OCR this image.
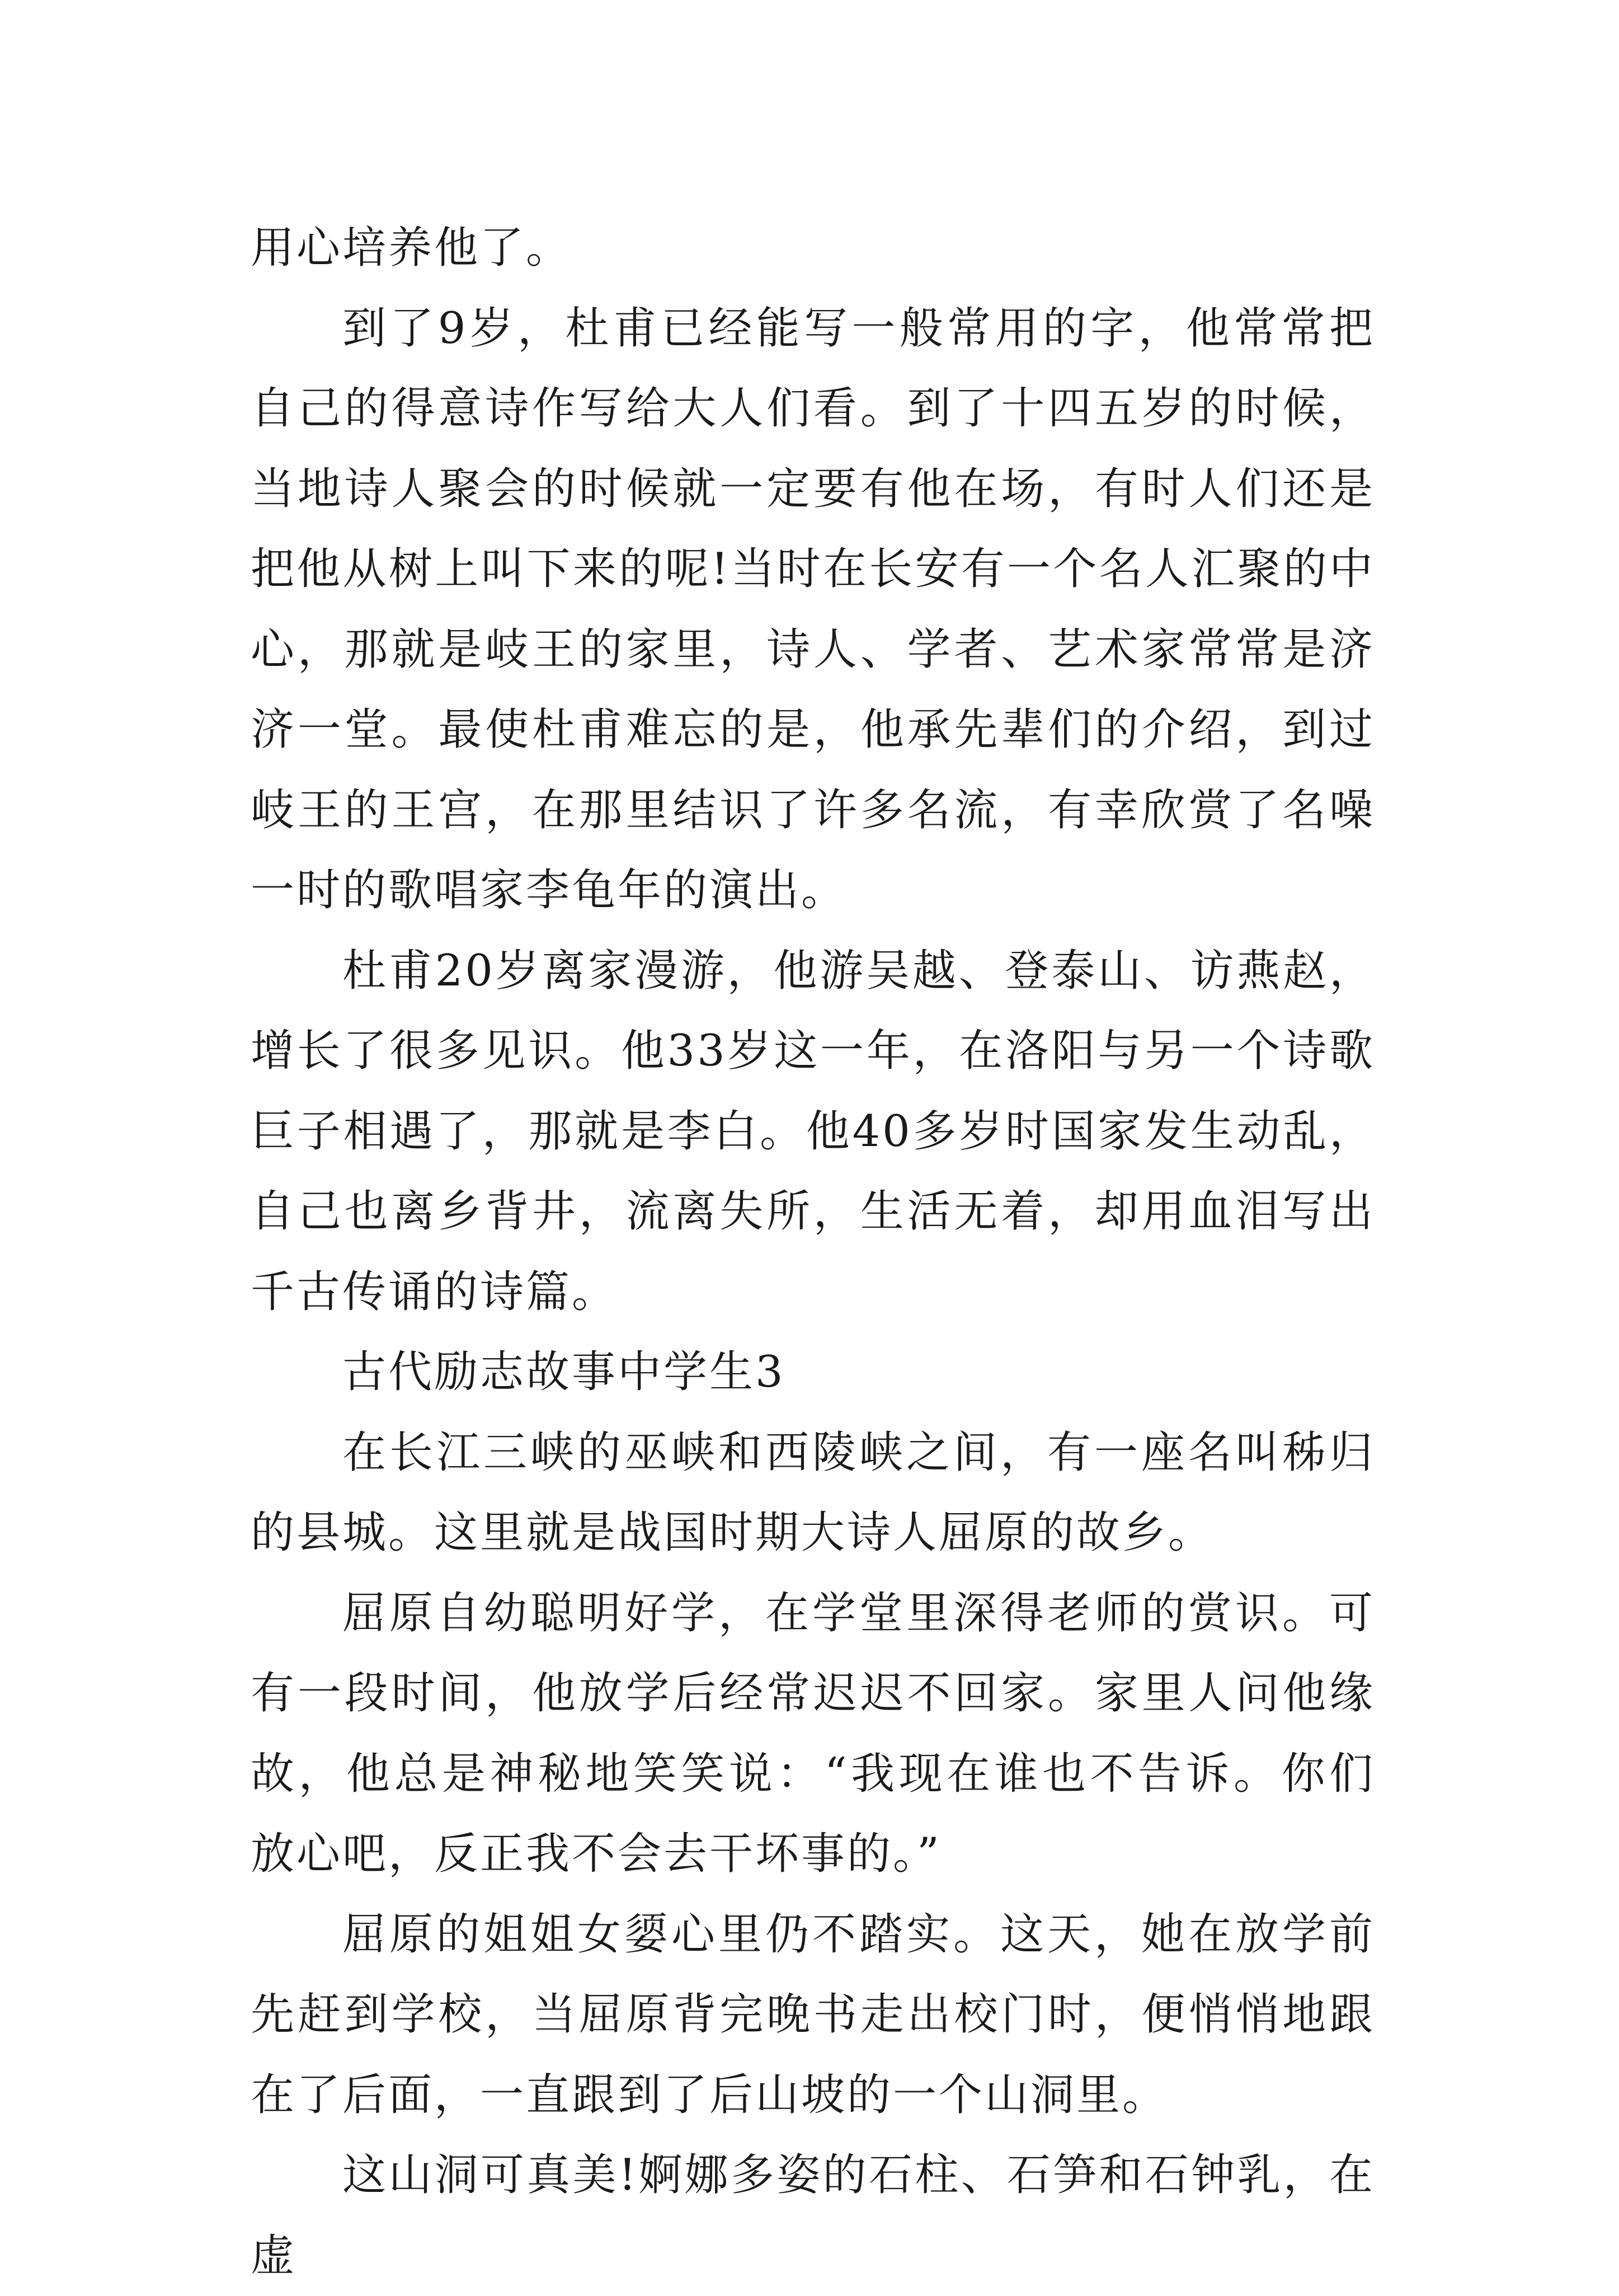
用心培养他了。

到了9岁，杜甫已经能写一般常用的字，他常常把自己的得意诗作写给大人们看。到了十四五岁的时候，当地诗人聚会的时候就一定要有他在场，有时人们还是把他从树上叫下来的呢!当时在长安有一个名人汇聚的中心，那就是岐王的家里，诗人、学者、艺术家常常是济济一堂。最使杜甫难忘的是，他承先辈们的介绍，到过岐王的王宫，在那里结识了许多名流，有幸欣赏了名噪一时的歌唱家李龟年的演出。

杜甫20岁离家漫游，他游吴越、登泰山、访燕赵，增长了很多见识。他33岁这一年，在洛阳与另一个诗歌巨子相遇了，那就是李白。他40多岁时国家发生动乱，自己也离乡背井，流离失所，生活无着，却用血泪写出千古传诵的诗篇。

古代励志故事中学生3

在长江三峡的巫峡和西陵峡之间，有一座名叫秭归的县城。这里就是战国时期大诗人屈原的故乡。

屈原自幼聪明好学，在学堂里深得老师的赏识。可有一段时间，他放学后经常迟迟不回家。家里人问他缘故，他总是神秘地笑笑说：“我现在谁也不告诉。你们放心吧，反正我不会去干坏事的。”

屈原的姐姐女媭心里仍不踏实。这天，她在放学前先赶到学校，当屈原背完晚书走出校门时，便悄悄地跟在了后面，一直跟到了后山坡的一个山洞里。

这山洞可真美!婀娜多姿的石柱、石笋和石钟乳，在虚
